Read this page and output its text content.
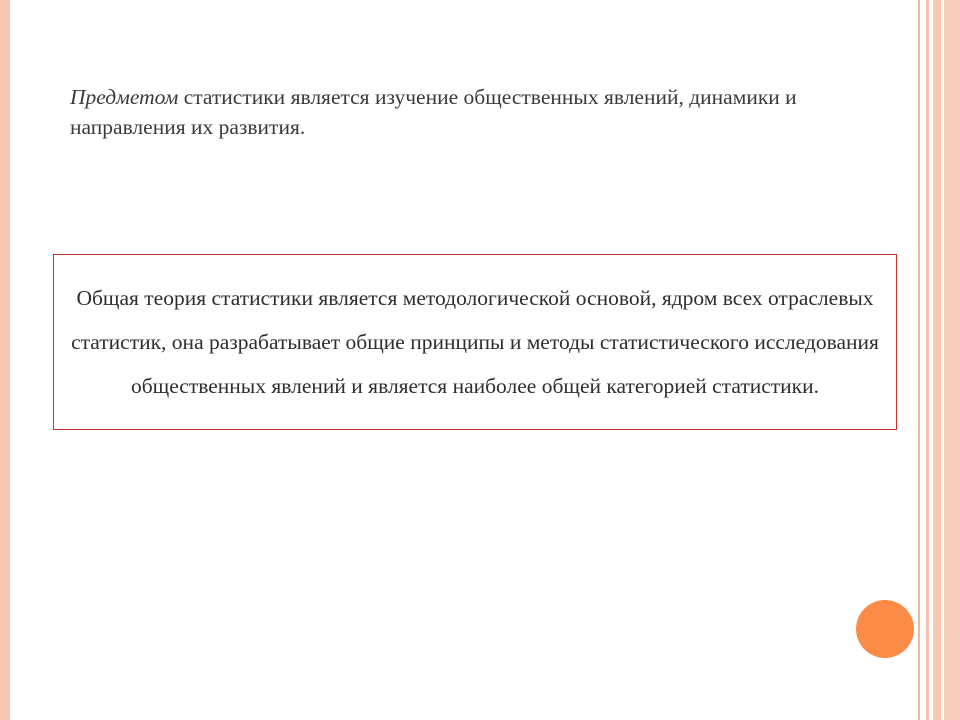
Предметом статистики является изучение общественных явлений, динамики и направления их развития.
Общая теория статистики является методологической основой, ядром всех отраслевых статистик, она разрабатывает общие принципы и методы статистического исследования общественных явлений и является наиболее общей категорией статистики.
